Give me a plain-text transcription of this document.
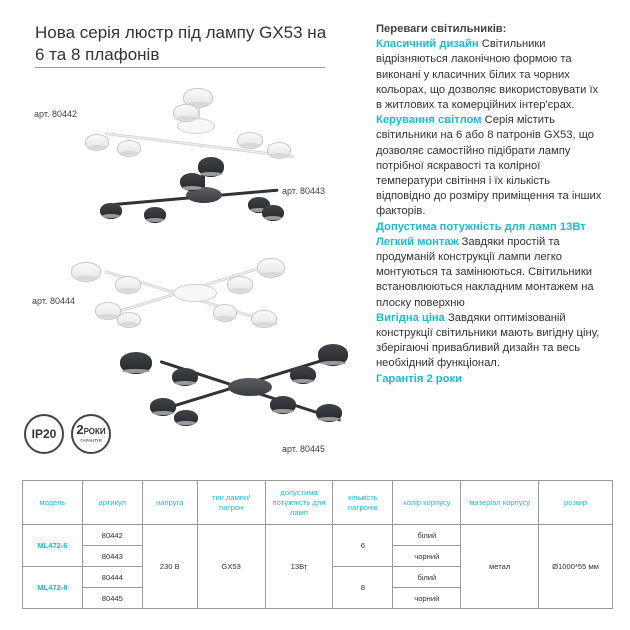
Нова серія люстр під лампу GX53 на 6 та 8 плафонів
Переваги світильників:
Класичний дизайн Світильники відрізняються лаконічною формою та виконані у класичних білих та чорних кольорах, що дозволяє використовувати їх в житлових та комерційних інтер'єрах.
Керування світлом Серія містить світильники на 6 або 8 патронів GX53, що дозволяє самостійно підібрати лампу потрібної яскравості та колірної температури світіння і їх кількість відповідно до розміру приміщення та інших факторів.
Допустима потужність для ламп 13Вт
Легкий монтаж Завдяки простій та продуманій конструкції лампи легко монтуються та замінюються. Світильники встановлюються накладним монтажем на плоску поверхню
Вигідна ціна Завдяки оптимізованій конструкції світильники мають вигідну ціну, зберігаючі привабливий дизайн та весь необхідний функціонал.
Гарантія 2 роки
арт. 80442
арт. 80443
арт. 80444
арт. 80445
IP20 2РОКИ
ГАРАНТІЯ
модель	артикул	напруга	тип лампи/ патрон	допустима потужність для ламп	кількість патронів	колір корпусу	матеріал корпусу	розмір
ML472-6	80442	230 В	GX53	13Вт	6	білий	метал	Ø1000*55 мм
	80443					чорний		
ML472-8	80444				8	білий		
	80445					чорний		
